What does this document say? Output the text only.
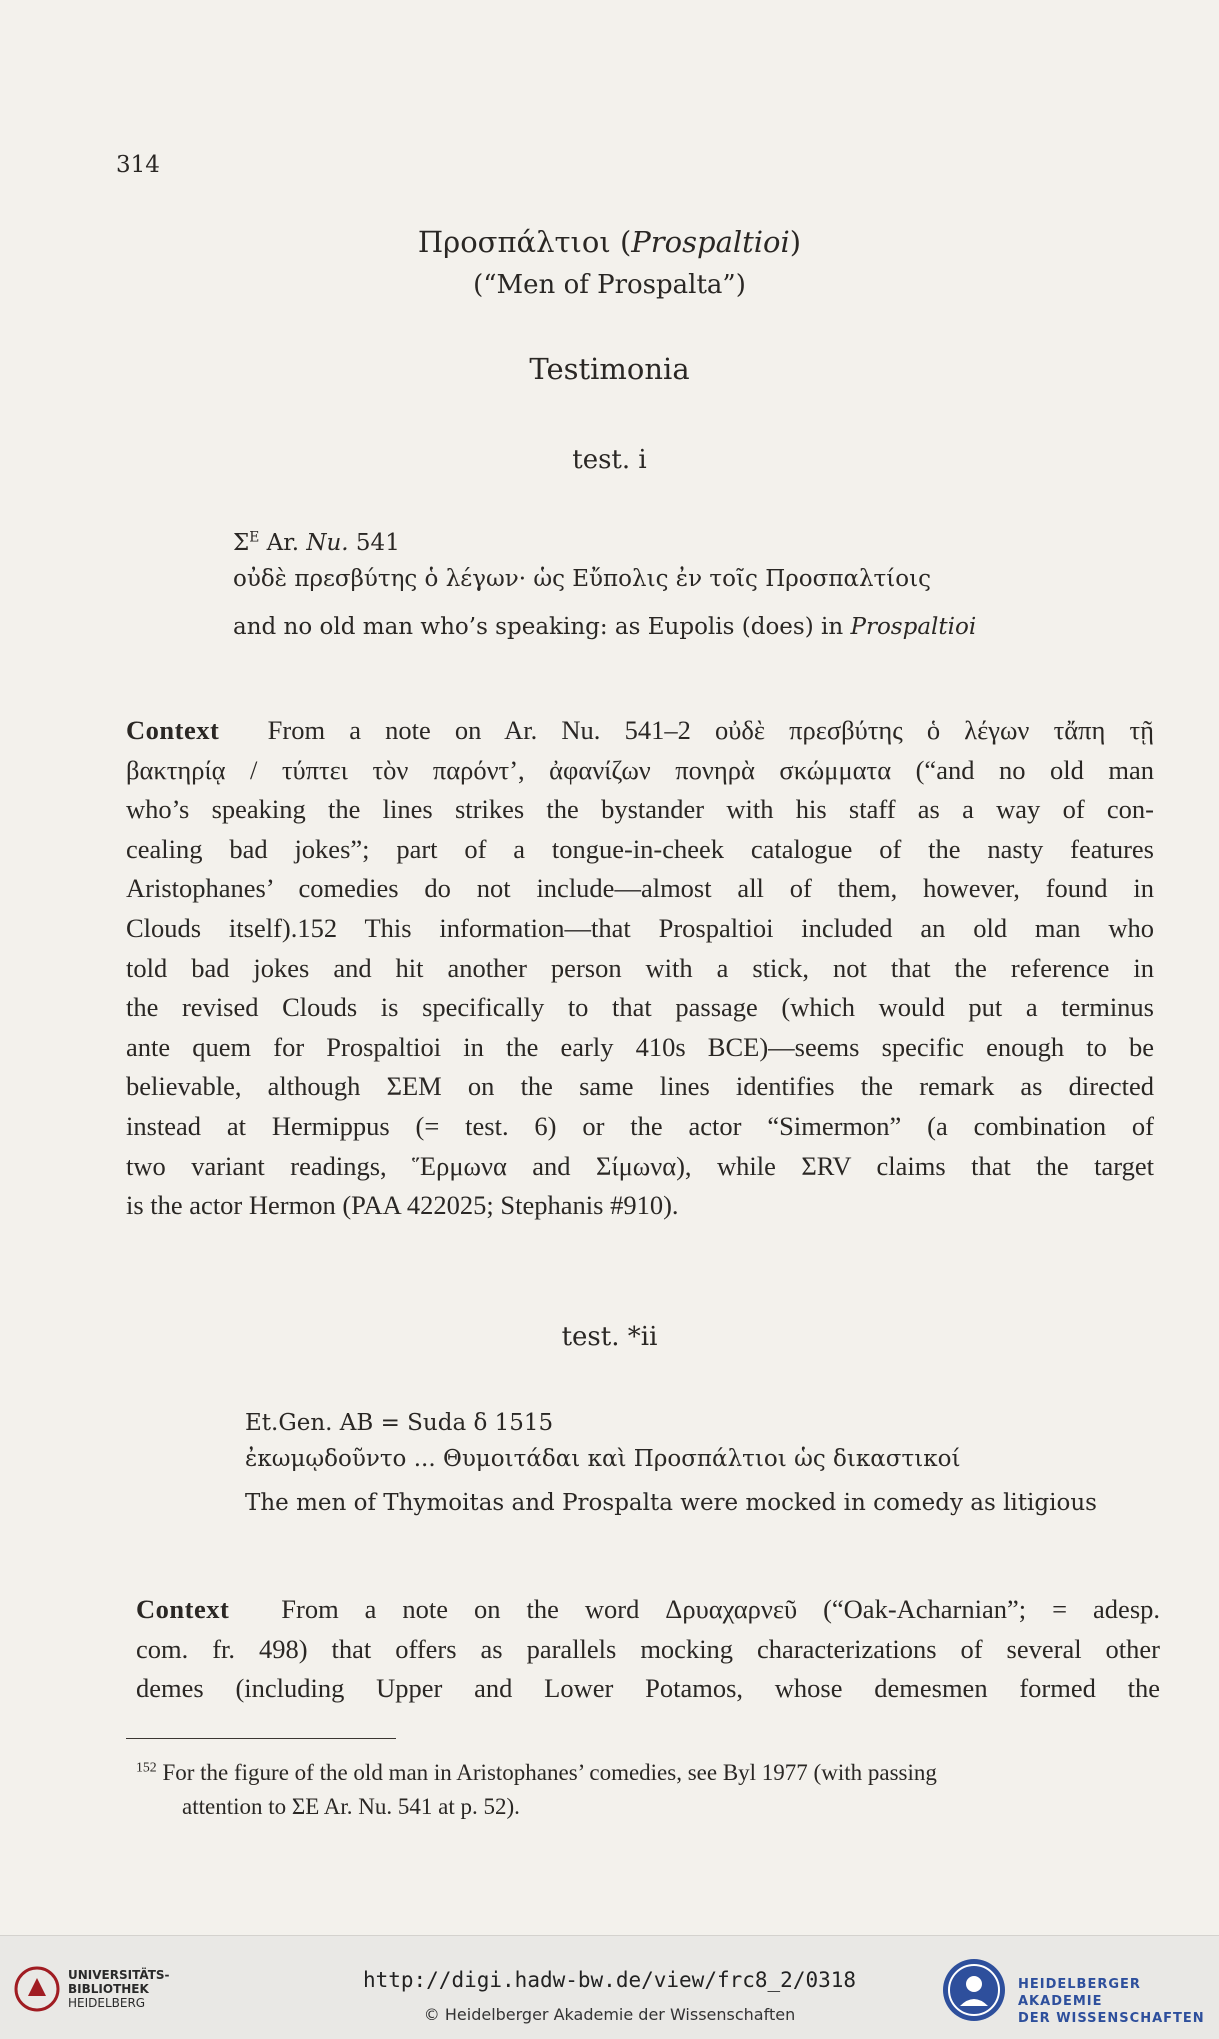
314
Προσπάλτιοι (Prospaltioi)
(“Men of Prospalta”)
Testimonia
test. i
$\Sigma^E$ Ar. Nu. 541
οὐδὲ πρεσβύτης ὁ λέγων· ὡς Εὔπολις ἐν τοῖς Προσπαλτίοις
and no old man who’s speaking: as Eupolis (does) in Prospaltioi
Context From a note on Ar. Nu. 541–2 οὐδὲ πρεσβύτης ὁ λέγων τἄπη τῇ
βακτηρίᾳ / τύπτει τὸν παρόντ’, ἀφανίζων πονηρὰ σκώμματα (“and no old man
who’s speaking the lines strikes the bystander with his staff as a way of con-
cealing bad jokes”; part of a tongue-in-cheek catalogue of the nasty features
Aristophanes’ comedies do not include—almost all of them, however, found in
Clouds itself).152 This information—that Prospaltioi included an old man who
told bad jokes and hit another person with a stick, not that the reference in
the revised Clouds is specifically to that passage (which would put a terminus
ante quem for Prospaltioi in the early 410s BCE)—seems specific enough to be
believable, although ΣEM on the same lines identifies the remark as directed
instead at Hermippus (= test. 6) or the actor “Simermon” (a combination of
two variant readings, Ἕρμωνα and Σίμωνα), while ΣRV claims that the target
is the actor Hermon (PAA 422025; Stephanis #910).
test. *ii
Et.Gen. AB = Suda δ 1515
ἐκωμῳδοῦντο ... Θυμοιτάδαι καὶ Προσπάλτιοι ὡς δικαστικοί
The men of Thymoitas and Prospalta were mocked in comedy as litigious
Context From a note on the word Δρυαχαρνεῦ (“Oak-Acharnian”; = adesp.
com. fr. 498) that offers as parallels mocking characterizations of several other
demes (including Upper and Lower Potamos, whose demesmen formed the
$^{152}$ For the figure of the old man in Aristophanes’ comedies, see Byl 1977 (with passing
attention to ΣE Ar. Nu. 541 at p. 52).
UNIVERSITÄTS-
BIBLIOTHEK
HEIDELBERG
http://digi.hadw-bw.de/view/frc8_2/0318
© Heidelberger Akademie der Wissenschaften
HEIDELBERGER AKADEMIE
DER WISSENSCHAFTEN
